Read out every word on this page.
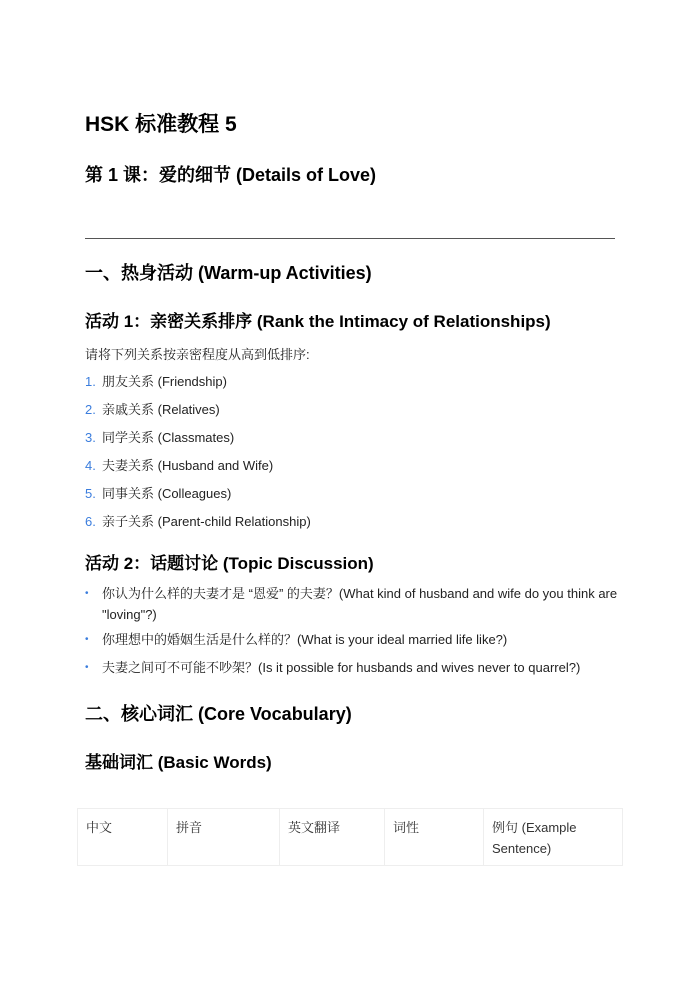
HSK 标准教程 5
第 1 课：爱的细节 (Details of Love)
一、热身活动 (Warm-up Activities)
活动 1：亲密关系排序 (Rank the Intimacy of Relationships)
请将下列关系按亲密程度从高到低排序:
1. 朋友关系 (Friendship)
2. 亲戚关系 (Relatives)
3. 同学关系 (Classmates)
4. 夫妻关系 (Husband and Wife)
5. 同事关系 (Colleagues)
6. 亲子关系 (Parent-child Relationship)
活动 2：话题讨论 (Topic Discussion)
•	你认为什么样的夫妻才是 “恩爱” 的夫妻？(What kind of husband and wife do you think are "loving"?)
•	你理想中的婚姻生活是什么样的？(What is your ideal married life like?)
•	夫妻之间可不可能不吵架？(Is it possible for husbands and wives never to quarrel?)
二、核心词汇 (Core Vocabulary)
基础词汇 (Basic Words)
中文	拼音	英文翻译	词性	例句 (Example Sentence)
